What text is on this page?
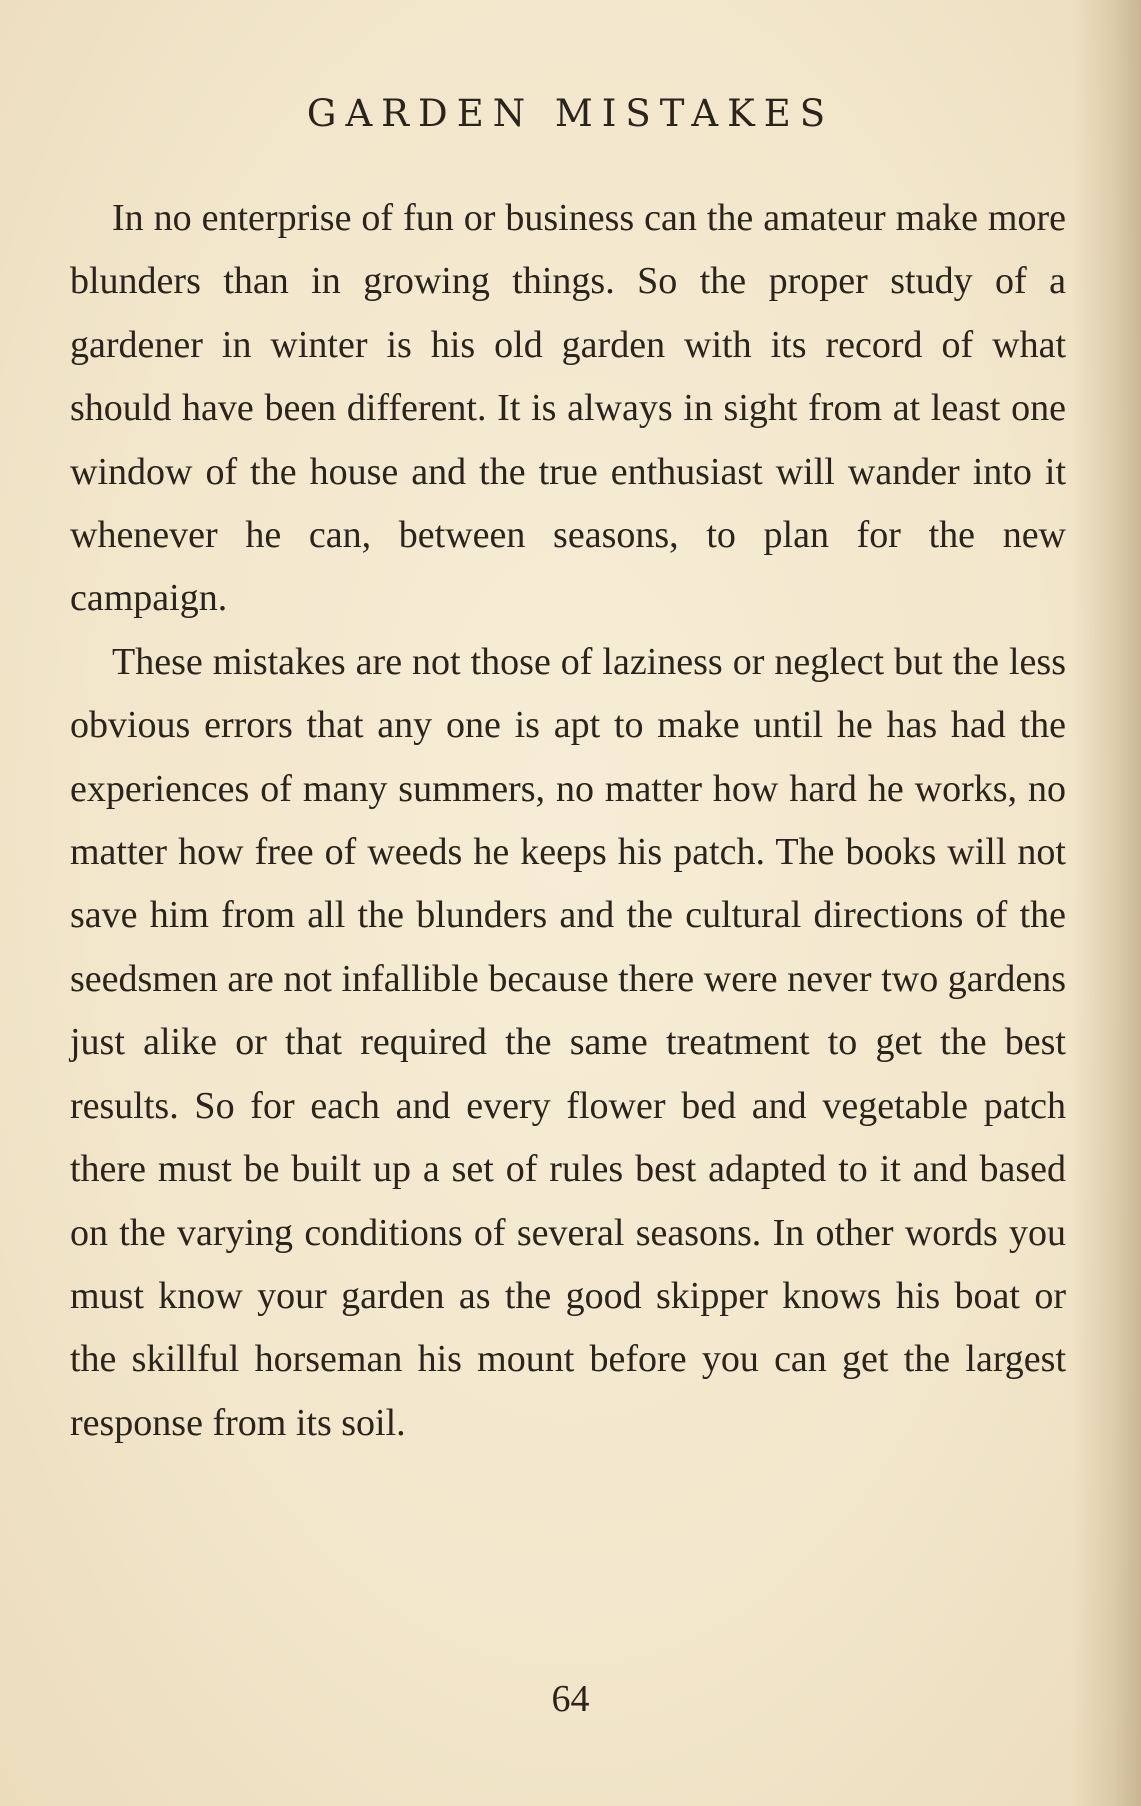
GARDEN MISTAKES

In no enterprise of fun or business can the amateur make more blunders than in growing things. So the proper study of a gardener in winter is his old garden with its record of what should have been different. It is always in sight from at least one window of the house and the true enthusiast will wander into it whenever he can, between seasons, to plan for the new campaign.

These mistakes are not those of laziness or neglect but the less obvious errors that any one is apt to make until he has had the experiences of many summers, no matter how hard he works, no matter how free of weeds he keeps his patch. The books will not save him from all the blunders and the cultural directions of the seedsmen are not infallible because there were never two gardens just alike or that required the same treatment to get the best results. So for each and every flower bed and vegetable patch there must be built up a set of rules best adapted to it and based on the varying conditions of several seasons. In other words you must know your garden as the good skipper knows his boat or the skillful horseman his mount before you can get the largest response from its soil.

64
